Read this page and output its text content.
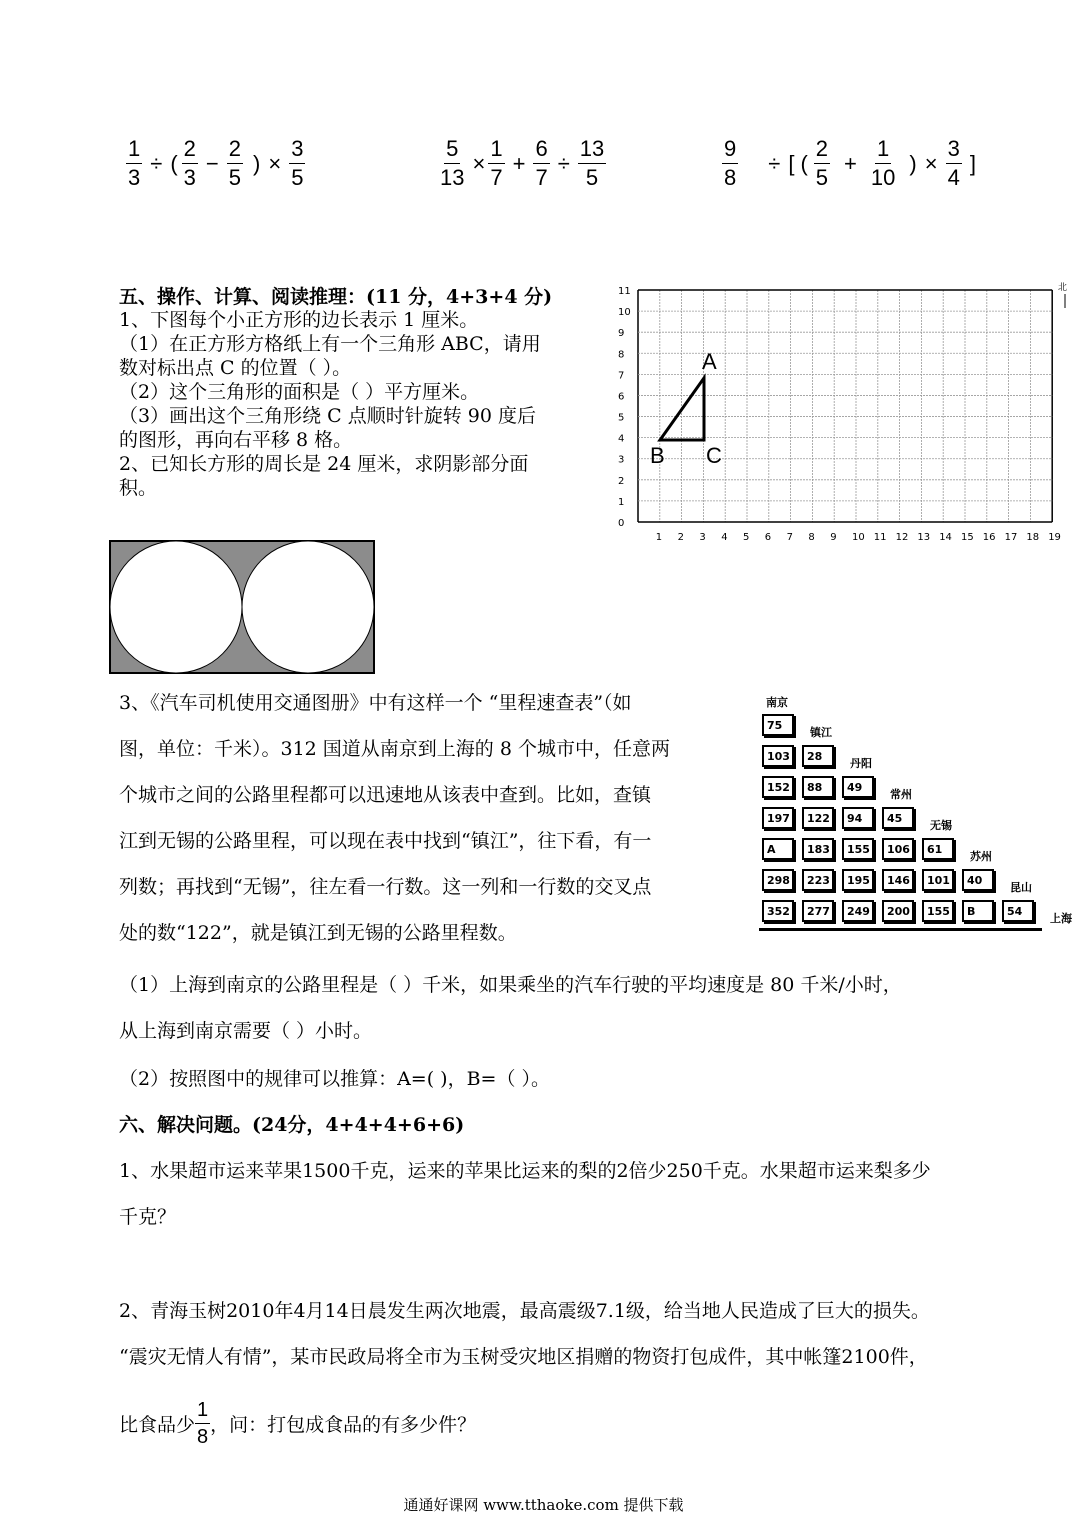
$\frac{1}{3}$ ÷ ( $\frac{2}{3} - \frac{2}{5}$ ) × $\frac{3}{5}$	$\frac{5}{13} \times \frac{1}{7} + \frac{6}{7} \div \frac{13}{5}$	$\frac{9}{8}$ ÷ [ ( $\frac{2}{5} + \frac{1}{10}$ ) × $\frac{3}{4}$ ]
五、操作、计算、阅读推理：(11 分，4+3+4 分)
1、下图每个小正方形的边长表示 1 厘米。
（1）在正方形方格纸上有一个三角形 ABC，请用
数对标出点 C 的位置（ ）。
（2）这个三角形的面积是（ ）平方厘米。
（3）画出这个三角形绕 C 点顺时针旋转 90 度后
的图形，再向右平移 8 格。
2、已知长方形的周长是 24 厘米，求阴影部分面
积。
1 2 3 4 5 6 7 8 9 10 11 12 13 14 15 16 17 18 19
0
1
2
3
4
5
6
7
8
9
10
11
A
B C
北
3、《汽车司机使用交通图册》中有这样一个 “里程速查表”（如
图，单位：千米）。312 国道从南京到上海的 8 个城市中，任意两
个城市之间的公路里程都可以迅速地从该表中查到。比如，查镇
江到无锡的公路里程，可以现在表中找到“镇江”，往下看，有一
列数；再找到“无锡”，往左看一行数。这一列和一行数的交叉点
处的数“122”，就是镇江到无锡的公路里程数。
南京
镇江
丹阳
常州
无锡
苏州
昆山
上海
75
103	28
152	88	49
197	122	94	45
A	183	155	106	61
298	223	195	146	101	40
352	277	249	200	155	B	54
（1）上海到南京的公路里程是（ ）千米，如果乘坐的汽车行驶的平均速度是 80 千米/小时，
从上海到南京需要（ ）小时。
（2）按照图中的规律可以推算：A=( )，B=（ ）。
六、解决问题。(24分，4+4+4+6+6)
1、水果超市运来苹果1500千克，运来的苹果比运来的梨的2倍少250千克。水果超市运来梨多少
千克？
2、青海玉树2010年4月14日晨发生两次地震，最高震级7.1级，给当地人民造成了巨大的损失。
“震灾无情人有情”，某市民政局将全市为玉树受灾地区捐赠的物资打包成件，其中帐篷2100件，
比食品少 $\frac{1}{8}$ ，问：打包成食品的有多少件？
通通好课网 www.tthaoke.com 提供下载
